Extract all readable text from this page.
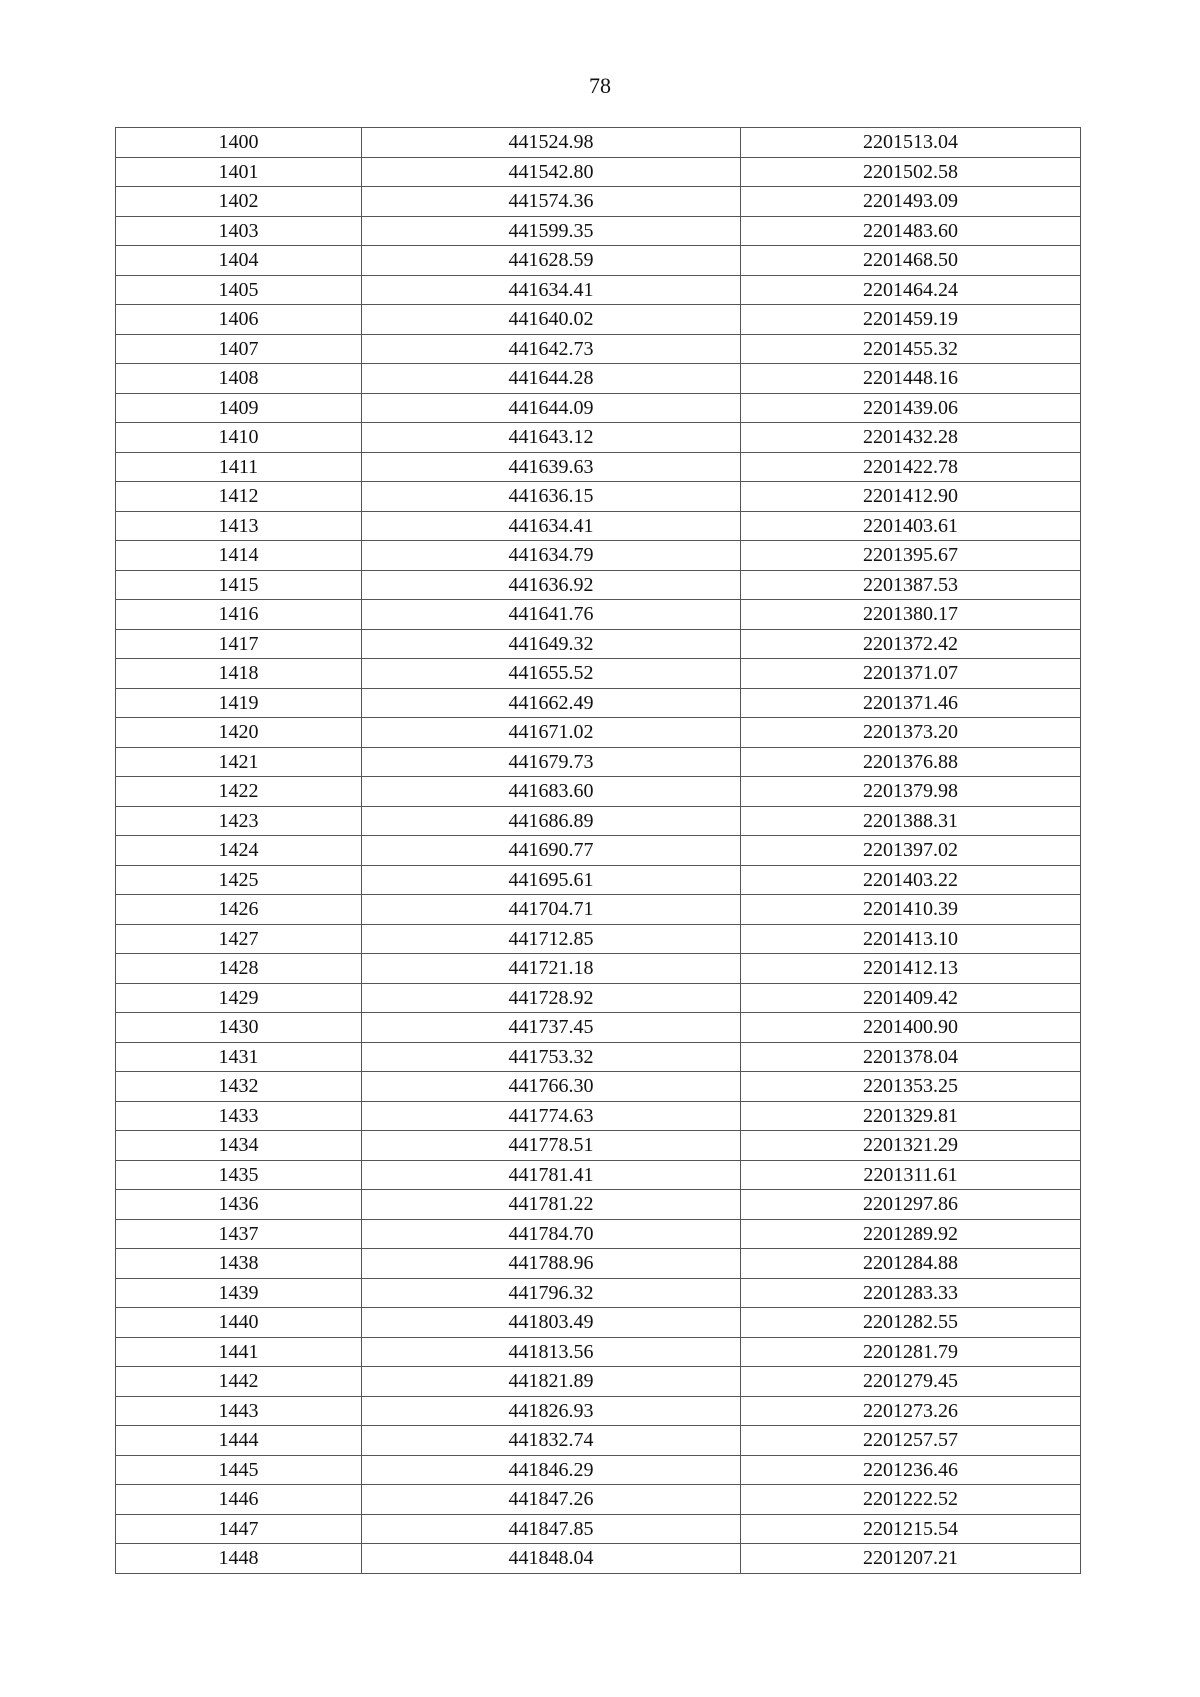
78
1400	441524.98	2201513.04
1401	441542.80	2201502.58
1402	441574.36	2201493.09
1403	441599.35	2201483.60
1404	441628.59	2201468.50
1405	441634.41	2201464.24
1406	441640.02	2201459.19
1407	441642.73	2201455.32
1408	441644.28	2201448.16
1409	441644.09	2201439.06
1410	441643.12	2201432.28
1411	441639.63	2201422.78
1412	441636.15	2201412.90
1413	441634.41	2201403.61
1414	441634.79	2201395.67
1415	441636.92	2201387.53
1416	441641.76	2201380.17
1417	441649.32	2201372.42
1418	441655.52	2201371.07
1419	441662.49	2201371.46
1420	441671.02	2201373.20
1421	441679.73	2201376.88
1422	441683.60	2201379.98
1423	441686.89	2201388.31
1424	441690.77	2201397.02
1425	441695.61	2201403.22
1426	441704.71	2201410.39
1427	441712.85	2201413.10
1428	441721.18	2201412.13
1429	441728.92	2201409.42
1430	441737.45	2201400.90
1431	441753.32	2201378.04
1432	441766.30	2201353.25
1433	441774.63	2201329.81
1434	441778.51	2201321.29
1435	441781.41	2201311.61
1436	441781.22	2201297.86
1437	441784.70	2201289.92
1438	441788.96	2201284.88
1439	441796.32	2201283.33
1440	441803.49	2201282.55
1441	441813.56	2201281.79
1442	441821.89	2201279.45
1443	441826.93	2201273.26
1444	441832.74	2201257.57
1445	441846.29	2201236.46
1446	441847.26	2201222.52
1447	441847.85	2201215.54
1448	441848.04	2201207.21
